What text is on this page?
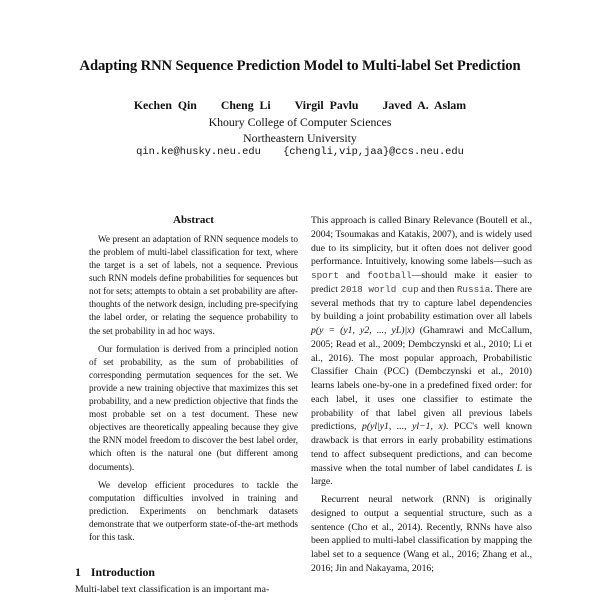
Adapting RNN Sequence Prediction Model to Multi-label Set Prediction
Kechen Qin Cheng Li Virgil Pavlu Javed A. Aslam
Khoury College of Computer Sciences
Northeastern University
qin.ke@husky.neu.edu {chengli,vip,jaa}@ccs.neu.edu
Abstract

We present an adaptation of RNN sequence models to the problem of multi-label classification for text, where the target is a set of labels, not a sequence. Previous such RNN models define probabilities for sequences but not for sets; attempts to obtain a set probability are after-thoughts of the network design, including pre-specifying the label order, or relating the sequence probability to the set probability in ad hoc ways.

Our formulation is derived from a principled notion of set probability, as the sum of probabilities of corresponding permutation sequences for the set. We provide a new training objective that maximizes this set probability, and a new prediction objective that finds the most probable set on a test document. These new objectives are theoretically appealing because they give the RNN model freedom to discover the best label order, which often is the natural one (but different among documents).

We develop efficient procedures to tackle the computation difficulties involved in training and prediction. Experiments on benchmark datasets demonstrate that we outperform state-of-the-art methods for this task.

1 Introduction
Multi-label text classification is an important ma-

This approach is called Binary Relevance (Boutell et al., 2004; Tsoumakas and Katakis, 2007), and is widely used due to its simplicity, but it often does not deliver good performance. Intuitively, knowing some labels—such as sport and football—should make it easier to predict 2018 world cup and then Russia. There are several methods that try to capture label dependencies by building a joint probability estimation over all labels p(y = (y1, y2, ..., yL)|x) (Ghamrawi and McCallum, 2005; Read et al., 2009; Dembczynski et al., 2010; Li et al., 2016). The most popular approach, Probabilistic Classifier Chain (PCC) (Dembczynski et al., 2010) learns labels one-by-one in a predefined fixed order: for each label, it uses one classifier to estimate the probability of that label given all previous labels predictions, p(yl|y1, ..., yl−1, x). PCC's well known drawback is that errors in early probability estimations tend to affect subsequent predictions, and can become massive when the total number of label candidates L is large.

Recurrent neural network (RNN) is originally designed to output a sequential structure, such as a sentence (Cho et al., 2014). Recently, RNNs have also been applied to multi-label classification by mapping the label set to a sequence (Wang et al., 2016; Zhang et al., 2016; Jin and Nakayama, 2016;
